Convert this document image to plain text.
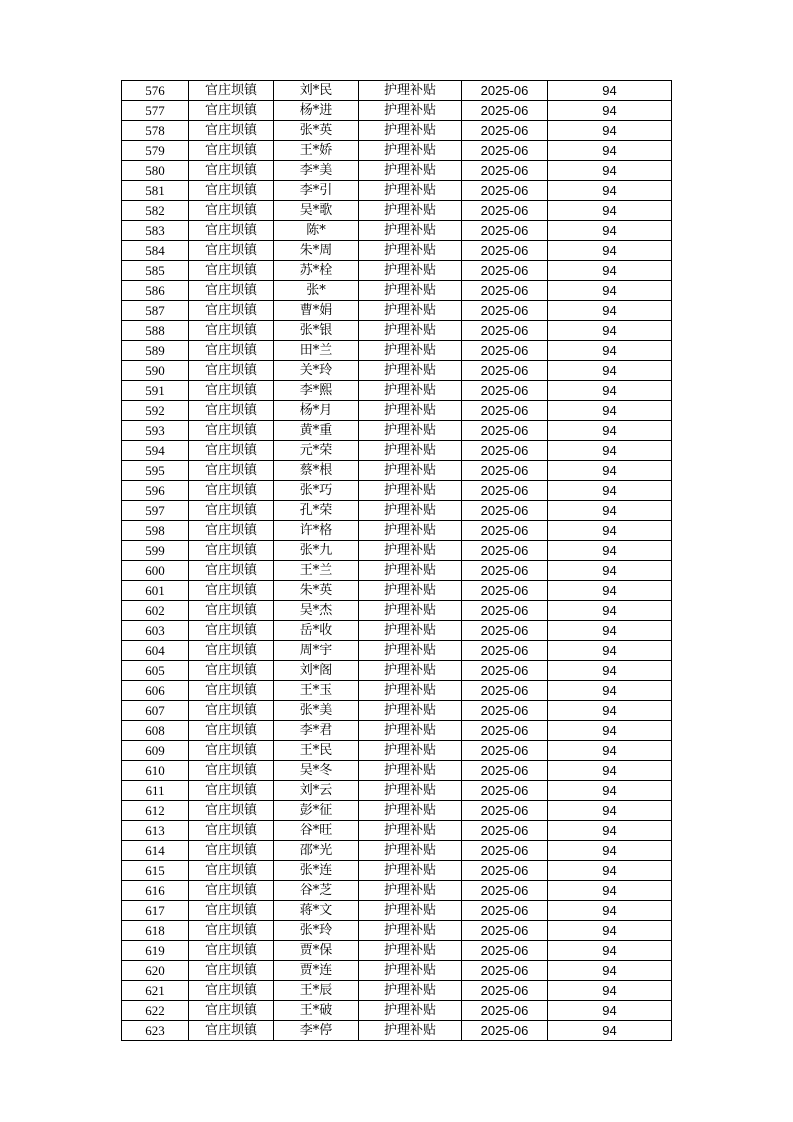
576	官庄坝镇	刘*民	护理补贴	2025-06	94
577	官庄坝镇	杨*进	护理补贴	2025-06	94
578	官庄坝镇	张*英	护理补贴	2025-06	94
579	官庄坝镇	王*娇	护理补贴	2025-06	94
580	官庄坝镇	李*美	护理补贴	2025-06	94
581	官庄坝镇	李*引	护理补贴	2025-06	94
582	官庄坝镇	吴*歌	护理补贴	2025-06	94
583	官庄坝镇	陈*	护理补贴	2025-06	94
584	官庄坝镇	朱*周	护理补贴	2025-06	94
585	官庄坝镇	苏*栓	护理补贴	2025-06	94
586	官庄坝镇	张*	护理补贴	2025-06	94
587	官庄坝镇	曹*娟	护理补贴	2025-06	94
588	官庄坝镇	张*银	护理补贴	2025-06	94
589	官庄坝镇	田*兰	护理补贴	2025-06	94
590	官庄坝镇	关*玲	护理补贴	2025-06	94
591	官庄坝镇	李*熙	护理补贴	2025-06	94
592	官庄坝镇	杨*月	护理补贴	2025-06	94
593	官庄坝镇	黄*重	护理补贴	2025-06	94
594	官庄坝镇	元*荣	护理补贴	2025-06	94
595	官庄坝镇	蔡*根	护理补贴	2025-06	94
596	官庄坝镇	张*巧	护理补贴	2025-06	94
597	官庄坝镇	孔*荣	护理补贴	2025-06	94
598	官庄坝镇	许*格	护理补贴	2025-06	94
599	官庄坝镇	张*九	护理补贴	2025-06	94
600	官庄坝镇	王*兰	护理补贴	2025-06	94
601	官庄坝镇	朱*英	护理补贴	2025-06	94
602	官庄坝镇	吴*杰	护理补贴	2025-06	94
603	官庄坝镇	岳*收	护理补贴	2025-06	94
604	官庄坝镇	周*宇	护理补贴	2025-06	94
605	官庄坝镇	刘*阁	护理补贴	2025-06	94
606	官庄坝镇	王*玉	护理补贴	2025-06	94
607	官庄坝镇	张*美	护理补贴	2025-06	94
608	官庄坝镇	李*君	护理补贴	2025-06	94
609	官庄坝镇	王*民	护理补贴	2025-06	94
610	官庄坝镇	吴*冬	护理补贴	2025-06	94
611	官庄坝镇	刘*云	护理补贴	2025-06	94
612	官庄坝镇	彭*征	护理补贴	2025-06	94
613	官庄坝镇	谷*旺	护理补贴	2025-06	94
614	官庄坝镇	邵*光	护理补贴	2025-06	94
615	官庄坝镇	张*连	护理补贴	2025-06	94
616	官庄坝镇	谷*芝	护理补贴	2025-06	94
617	官庄坝镇	蒋*文	护理补贴	2025-06	94
618	官庄坝镇	张*玲	护理补贴	2025-06	94
619	官庄坝镇	贾*保	护理补贴	2025-06	94
620	官庄坝镇	贾*连	护理补贴	2025-06	94
621	官庄坝镇	王*辰	护理补贴	2025-06	94
622	官庄坝镇	王*破	护理补贴	2025-06	94
623	官庄坝镇	李*停	护理补贴	2025-06	94
